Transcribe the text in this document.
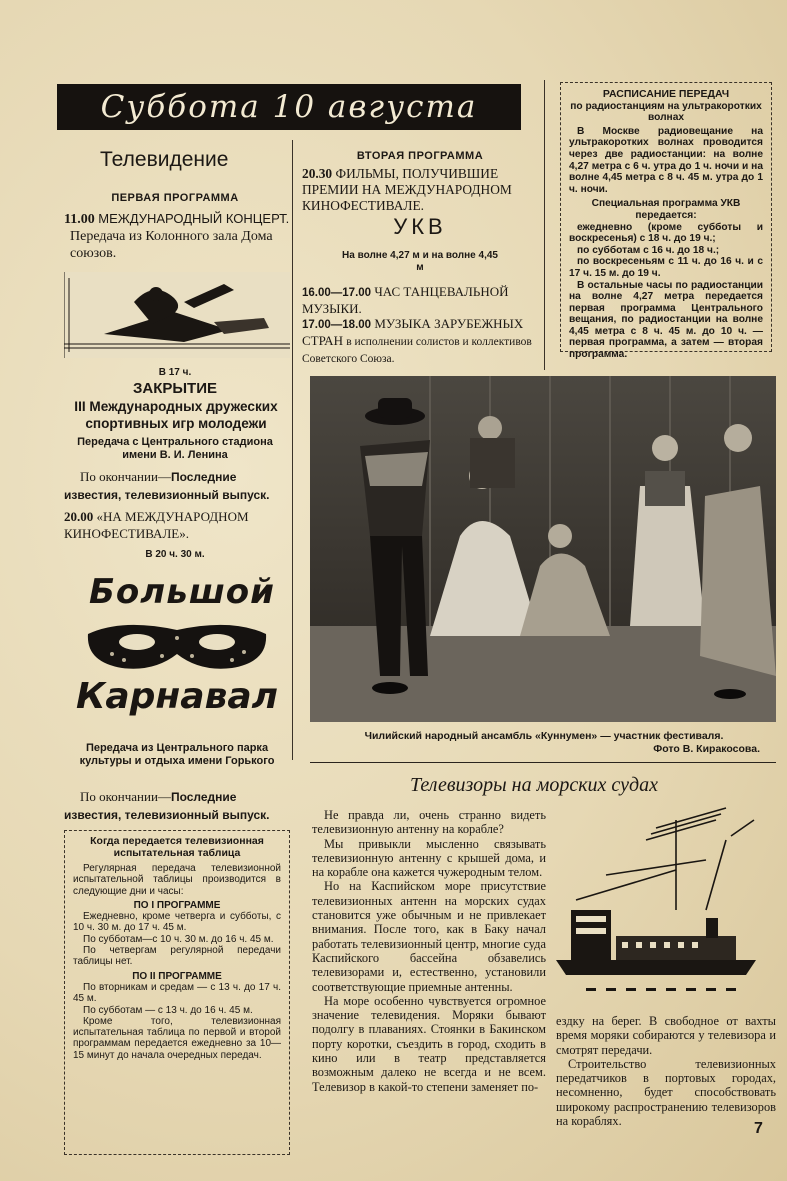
Суббота 10 августа
Телевидение
ПЕРВАЯ ПРОГРАММА
11.00 МЕЖДУНАРОДНЫЙ КОНЦЕРТ.
Передача из Колонного зала Дома союзов.
В 17 ч.
ЗАКРЫТИЕ
III Международных дружеских спортивных игр молодежи
Передача с Центрального стадиона имени В. И. Ленина
По окончании—Последние известия, телевизионный выпуск.
20.00 «НА МЕЖДУНАРОДНОМ КИНОФЕСТИВАЛЕ».
В 20 ч. 30 м.
Большой
Карнавал
Передача из Центрального парка культуры и отдыха имени Горького
По окончании—Последние известия, телевизионный выпуск.

Когда передается телевизионная испытательная таблица

Регулярная передача телевизионной испытательной таблицы производится в следующие дни и часы:

ПО I ПРОГРАММЕ

Ежедневно, кроме четверга и субботы, с 10 ч. 30 м. до 17 ч. 45 м.

По субботам—с 10 ч. 30 м. до 16 ч. 45 м.

По четвергам регулярной передачи таблицы нет.

ПО II ПРОГРАММЕ

По вторникам и средам — с 13 ч. до 17 ч. 45 м.

По субботам — с 13 ч. до 16 ч. 45 м.

Кроме того, телевизионная испытательная таблица по первой и второй программам передается ежедневно за 10—15 минут до начала очередных передач.

ВТОРАЯ ПРОГРАММА
20.30 ФИЛЬМЫ, ПОЛУЧИВШИЕ ПРЕМИИ НА МЕЖДУНАРОДНОМ КИНОФЕСТИВАЛЕ.
УКВ
На волне 4,27 м и на волне 4,45 м
16.00—17.00 ЧАС ТАНЦЕВАЛЬНОЙ МУЗЫКИ.
17.00—18.00 МУЗЫКА ЗАРУБЕЖНЫХ СТРАН в исполнении солистов и коллективов Советского Союза.

РАСПИСАНИЕ ПЕРЕДАЧ

по радиостанциям на ультракоротких волнах

В Москве радиовещание на ультракоротких волнах проводится через две радиостанции: на волне 4,27 метра с 6 ч. утра до 1 ч. ночи и на волне 4,45 метра с 8 ч. 45 м. утра до 1 ч. ночи.

Специальная программа УКВ передается:

ежедневно (кроме субботы и воскресенья) с 18 ч. до 19 ч.;

по субботам с 16 ч. до 18 ч.;

по воскресеньям с 11 ч. до 16 ч. и с 17 ч. 15 м. до 19 ч.

В остальные часы по радиостанции на волне 4,27 метра передается первая программа Центрального вещания, по радиостанции на волне 4,45 метра с 8 ч. 45 м. до 10 ч. — первая программа, а затем — вторая программа.

Чилийский народный ансамбль «Куннумен» — участник фестиваля.
Фото В. Киракосова.
Телевизоры на морских судах

Не правда ли, очень странно видеть телевизионную антенну на корабле?

Мы привыкли мысленно связывать телевизионную антенну с крышей дома, и на корабле она кажется чужеродным телом.

Но на Каспийском море присутствие телевизионных антенн на морских судах становится уже обычным и не привлекает внимания. После того, как в Баку начал работать телевизионный центр, многие суда Каспийского бассейна обзавелись телевизорами и, естественно, установили соответствующие приемные антенны.

На море особенно чувствуется огромное значение телевидения. Моряки бывают подолгу в плаваниях. Стоянки в Бакинском порту коротки, съездить в город, сходить в кино или в театр представляется возможным далеко не всегда и не всем. Телевизор в какой-то степени заменяет по-

ездку на берег. В свободное от вахты время моряки собираются у телевизора и смотрят передачи.

Строительство телевизионных передатчиков в портовых городах, несомненно, будет способствовать широкому распространению телевизоров на кораблях.	7
